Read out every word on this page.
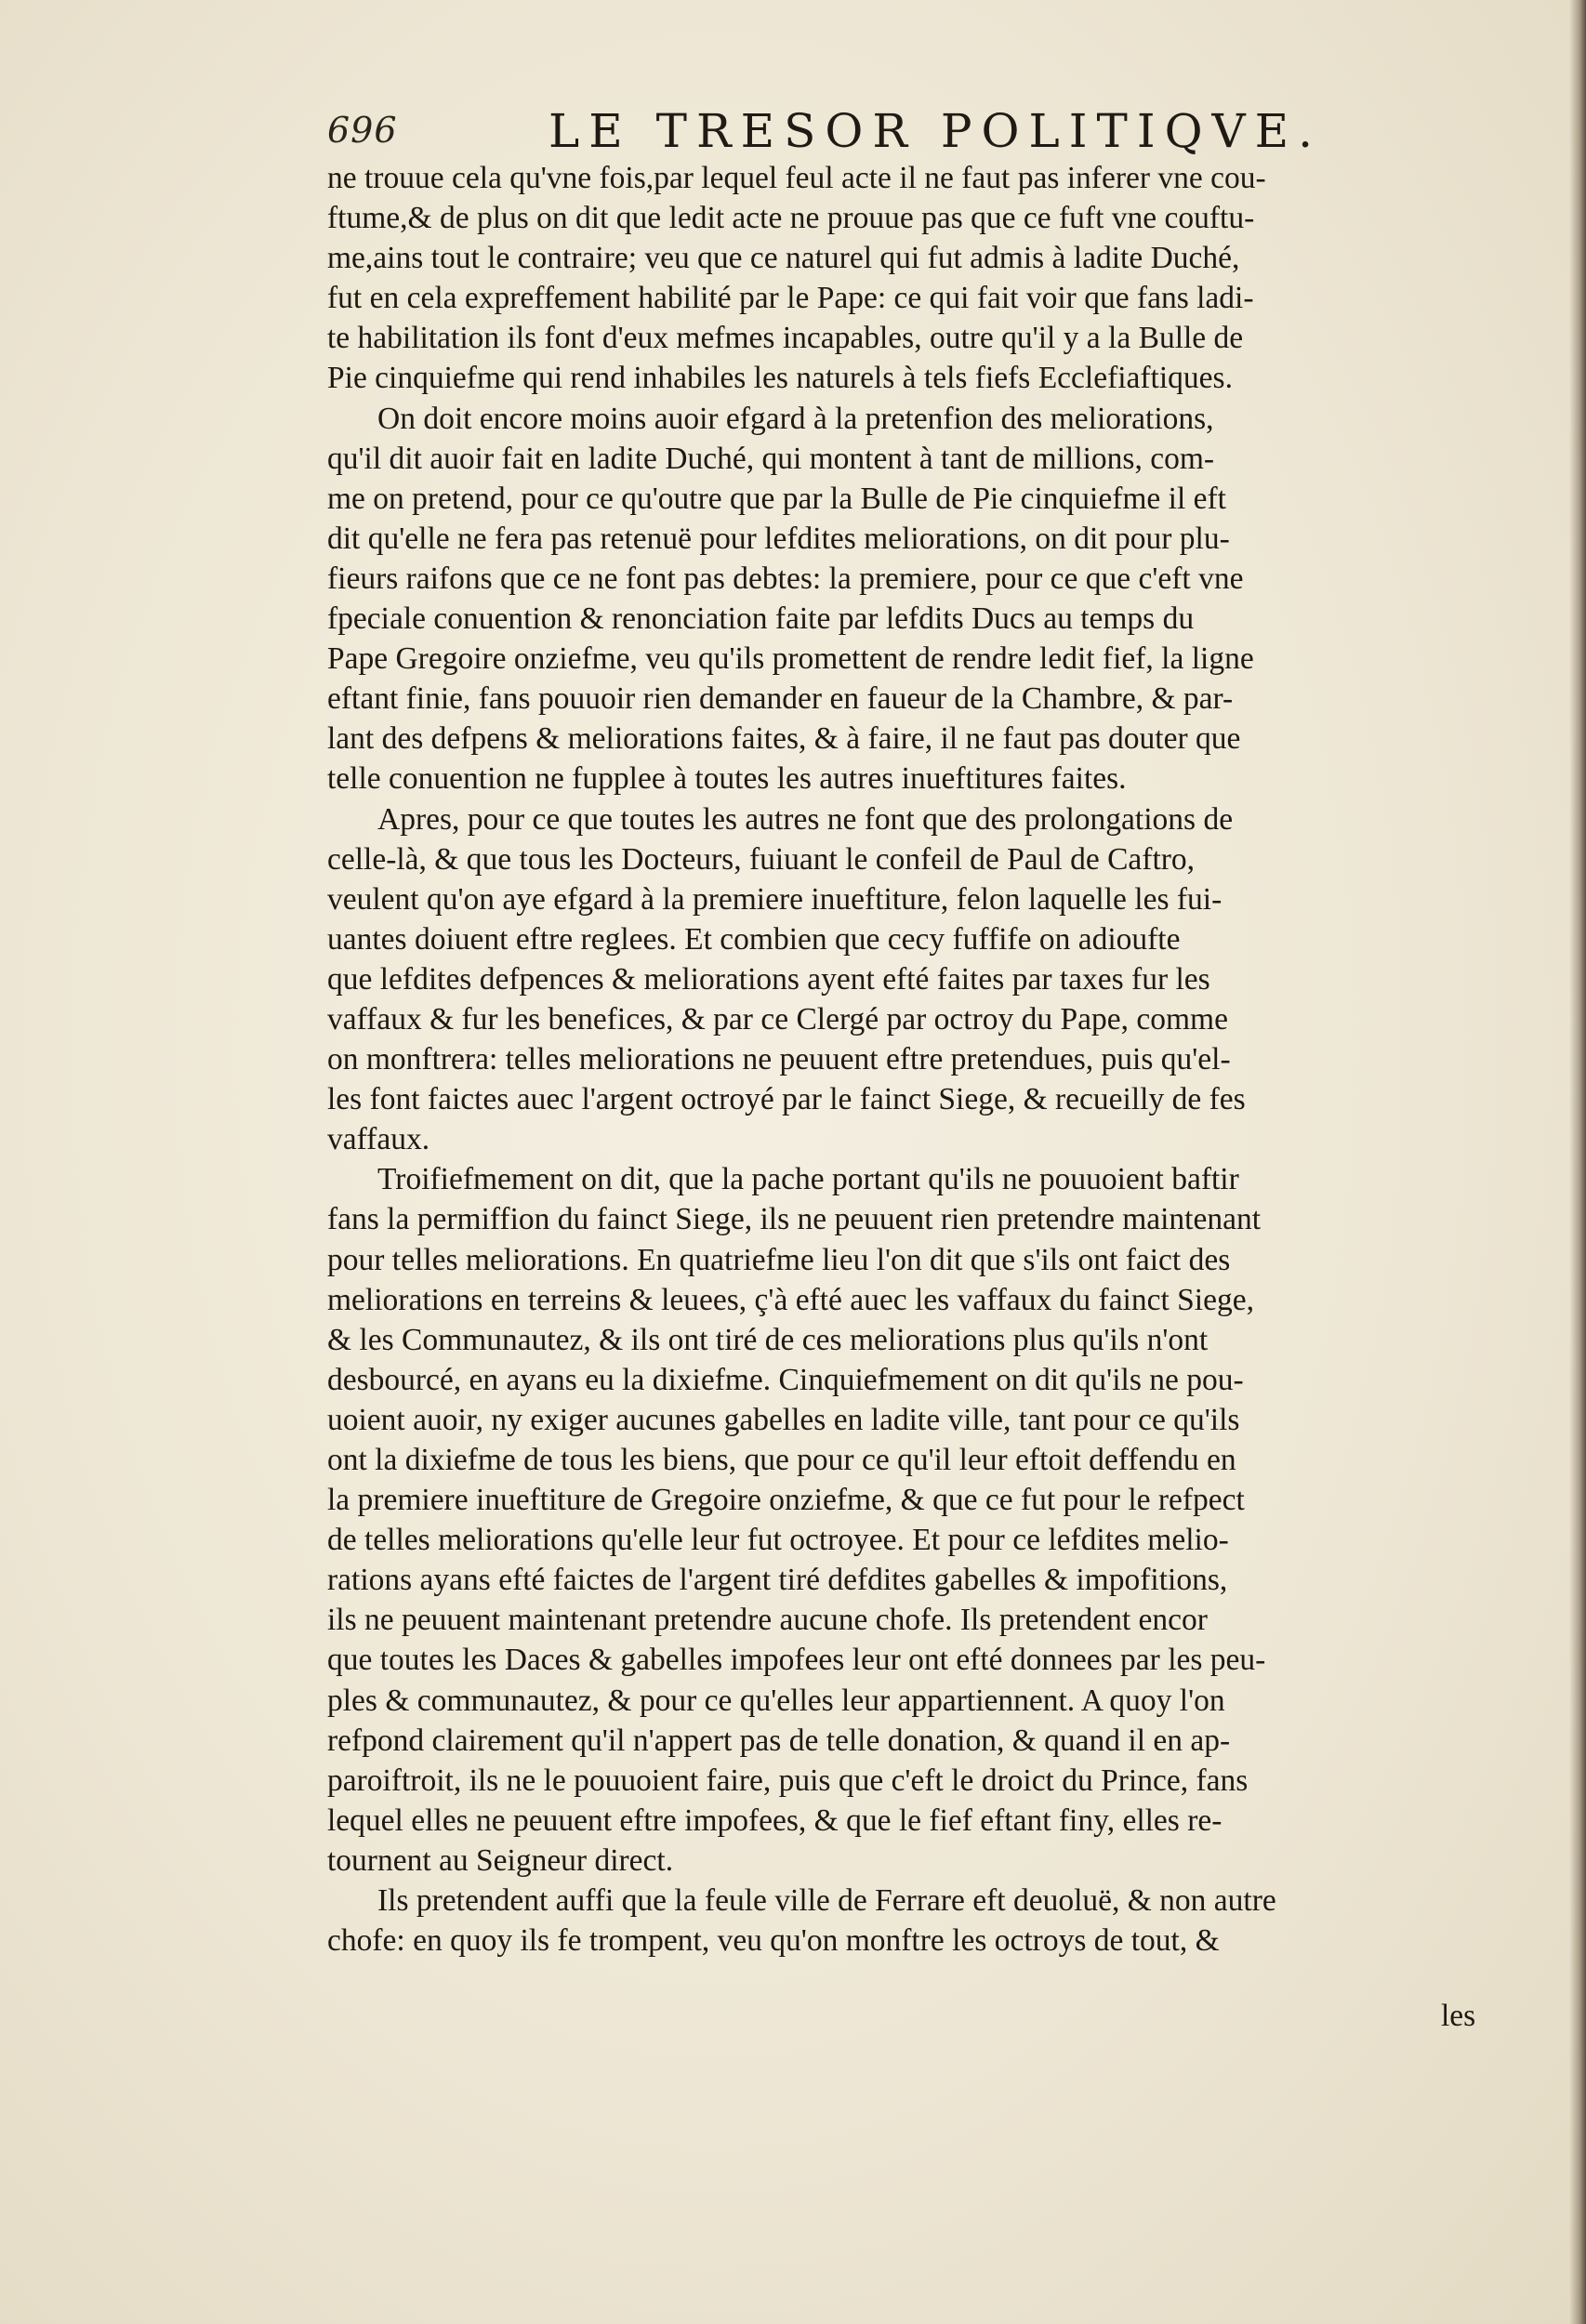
696	LE TRESOR POLITIQVE.
ne trouue cela qu'vne fois,par lequel feul acte il ne faut pas inferer vne cou-
ftume,& de plus on dit que ledit acte ne prouue pas que ce fuft vne couftu-
me,ains tout le contraire; veu que ce naturel qui fut admis à ladite Duché,
fut en cela expreffement habilité par le Pape: ce qui fait voir que fans ladi-
te habilitation ils font d'eux mefmes incapables, outre qu'il y a la Bulle de
Pie cinquiefme qui rend inhabiles les naturels à tels fiefs Ecclefiaftiques.
On doit encore moins auoir efgard à la pretenfion des meliorations,
qu'il dit auoir fait en ladite Duché, qui montent à tant de millions, com-
me on pretend, pour ce qu'outre que par la Bulle de Pie cinquiefme il eft
dit qu'elle ne fera pas retenuë pour lefdites meliorations, on dit pour plu-
fieurs raifons que ce ne font pas debtes: la premiere, pour ce que c'eft vne
fpeciale conuention & renonciation faite par lefdits Ducs au temps du
Pape Gregoire onziefme, veu qu'ils promettent de rendre ledit fief, la ligne
eftant finie, fans pouuoir rien demander en faueur de la Chambre, & par-
lant des defpens & meliorations faites, & à faire, il ne faut pas douter que
telle conuention ne fupplee à toutes les autres inueftitures faites.
Apres, pour ce que toutes les autres ne font que des prolongations de
celle-là, & que tous les Docteurs, fuiuant le confeil de Paul de Caftro,
veulent qu'on aye efgard à la premiere inueftiture, felon laquelle les fui-
uantes doiuent eftre reglees. Et combien que cecy fuffife on adioufte
que lefdites defpences & meliorations ayent efté faites par taxes fur les
vaffaux & fur les benefices, & par ce Clergé par octroy du Pape, comme
on monftrera: telles meliorations ne peuuent eftre pretendues, puis qu'el-
les font faictes auec l'argent octroyé par le fainct Siege, & recueilly de fes
vaffaux.
Troifiefmement on dit, que la pache portant qu'ils ne pouuoient baftir
fans la permiffion du fainct Siege, ils ne peuuent rien pretendre maintenant
pour telles meliorations. En quatriefme lieu l'on dit que s'ils ont faict des
meliorations en terreins & leuees, ç'à efté auec les vaffaux du fainct Siege,
& les Communautez, & ils ont tiré de ces meliorations plus qu'ils n'ont
desbourcé, en ayans eu la dixiefme. Cinquiefmement on dit qu'ils ne pou-
uoient auoir, ny exiger aucunes gabelles en ladite ville, tant pour ce qu'ils
ont la dixiefme de tous les biens, que pour ce qu'il leur eftoit deffendu en
la premiere inueftiture de Gregoire onziefme, & que ce fut pour le refpect
de telles meliorations qu'elle leur fut octroyee. Et pour ce lefdites melio-
rations ayans efté faictes de l'argent tiré defdites gabelles & impofitions,
ils ne peuuent maintenant pretendre aucune chofe. Ils pretendent encor
que toutes les Daces & gabelles impofees leur ont efté donnees par les peu-
ples & communautez, & pour ce qu'elles leur appartiennent. A quoy l'on
refpond clairement qu'il n'appert pas de telle donation, & quand il en ap-
paroiftroit, ils ne le pouuoient faire, puis que c'eft le droict du Prince, fans
lequel elles ne peuuent eftre impofees, & que le fief eftant finy, elles re-
tournent au Seigneur direct.
Ils pretendent auffi que la feule ville de Ferrare eft deuoluë, & non autre
chofe: en quoy ils fe trompent, veu qu'on monftre les octroys de tout, &
les
